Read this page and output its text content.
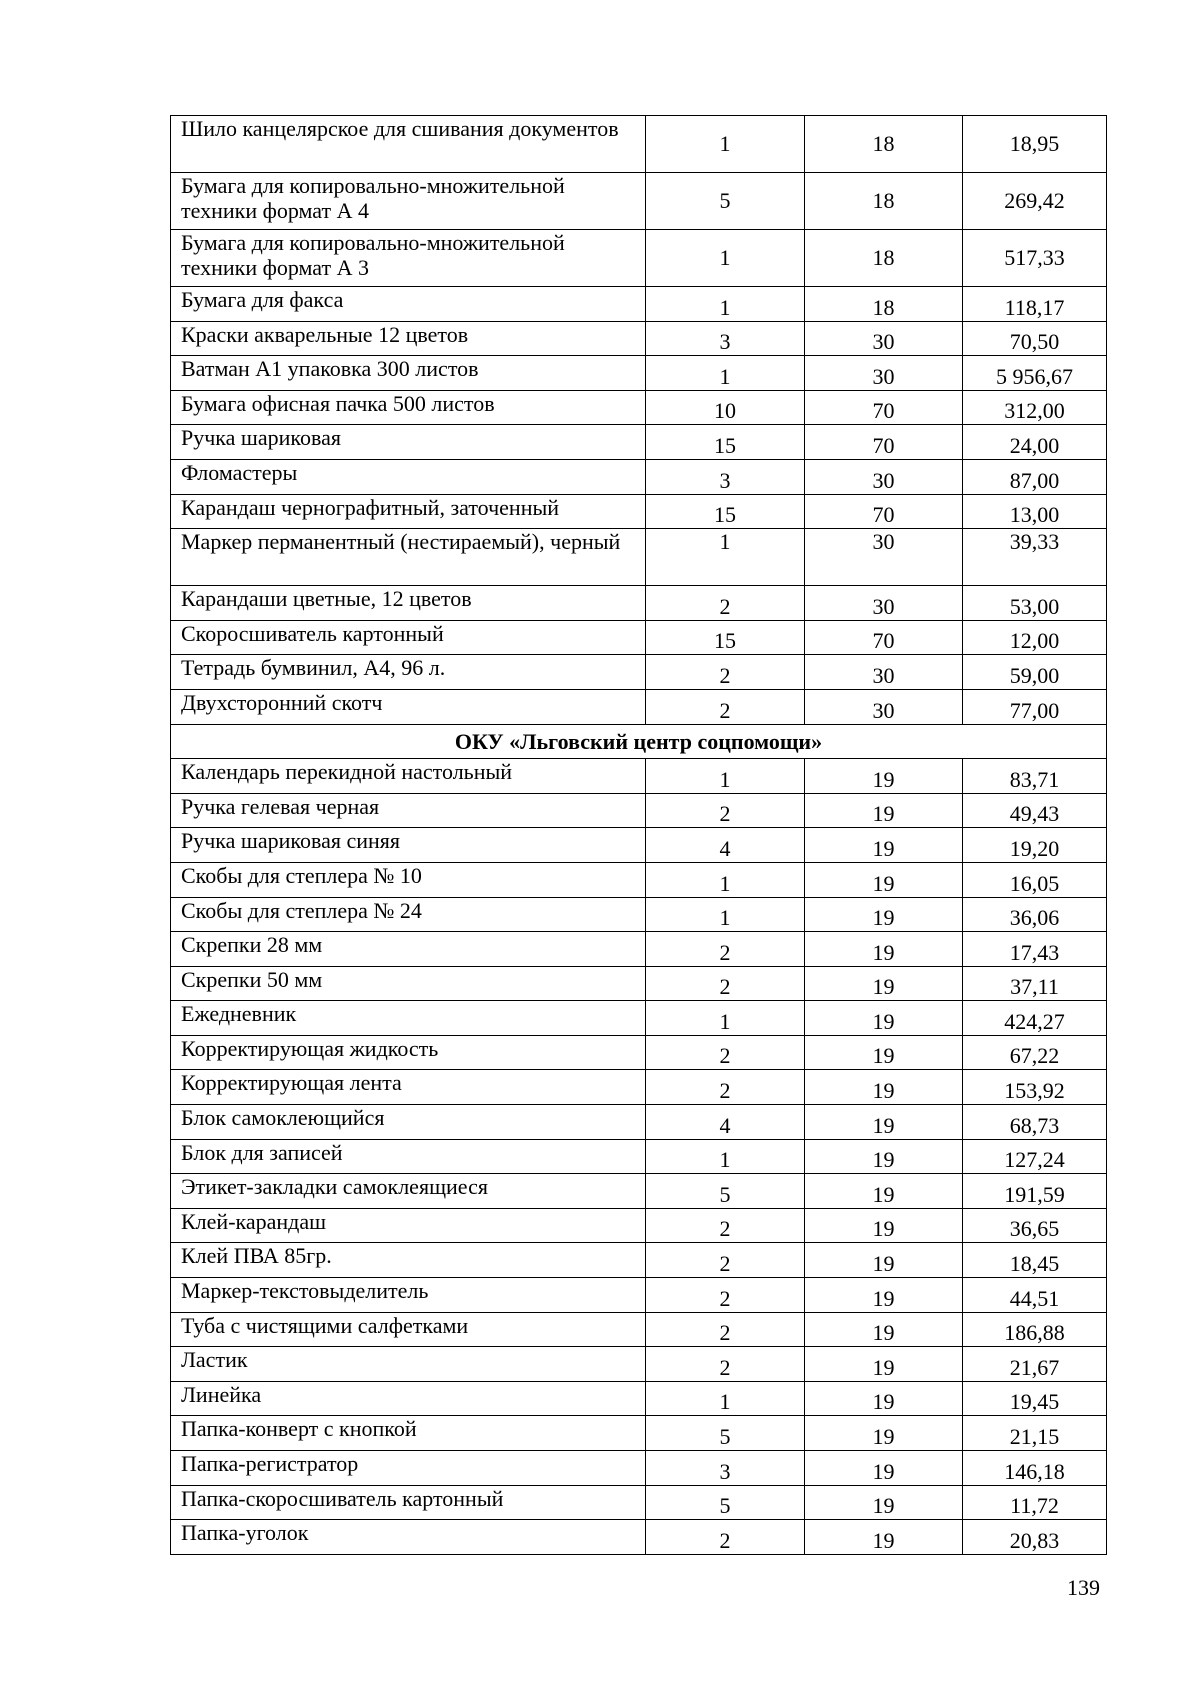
Шило канцелярское для сшивания документов	1	18	18,95
Бумага для копировально-множительной техники формат А 4	5	18	269,42
Бумага для копировально-множительной техники формат А 3	1	18	517,33
Бумага для факса	1	18	118,17
Краски акварельные 12 цветов	3	30	70,50
Ватман А1 упаковка 300 листов	1	30	5 956,67
Бумага офисная пачка 500 листов	10	70	312,00
Ручка шариковая	15	70	24,00
Фломастеры	3	30	87,00
Карандаш чернографитный, заточенный	15	70	13,00
Маркер перманентный (нестираемый), черный	1	30	39,33
Карандаши цветные, 12 цветов	2	30	53,00
Скоросшиватель картонный	15	70	12,00
Тетрадь бумвинил, А4, 96 л.	2	30	59,00
Двухсторонний скотч	2	30	77,00
ОКУ «Льговский центр соцпомощи»			
Календарь перекидной настольный	1	19	83,71
Ручка гелевая черная	2	19	49,43
Ручка шариковая синяя	4	19	19,20
Скобы для степлера № 10	1	19	16,05
Скобы для степлера № 24	1	19	36,06
Скрепки 28 мм	2	19	17,43
Скрепки 50 мм	2	19	37,11
Ежедневник	1	19	424,27
Корректирующая жидкость	2	19	67,22
Корректирующая лента	2	19	153,92
Блок самоклеющийся	4	19	68,73
Блок для записей	1	19	127,24
Этикет-закладки самоклеящиеся	5	19	191,59
Клей-карандаш	2	19	36,65
Клей ПВА 85гр.	2	19	18,45
Маркер-текстовыделитель	2	19	44,51
Туба с чистящими салфетками	2	19	186,88
Ластик	2	19	21,67
Линейка	1	19	19,45
Папка-конверт с кнопкой	5	19	21,15
Папка-регистратор	3	19	146,18
Папка-скоросшиватель картонный	5	19	11,72
Папка-уголок	2	19	20,83
139
